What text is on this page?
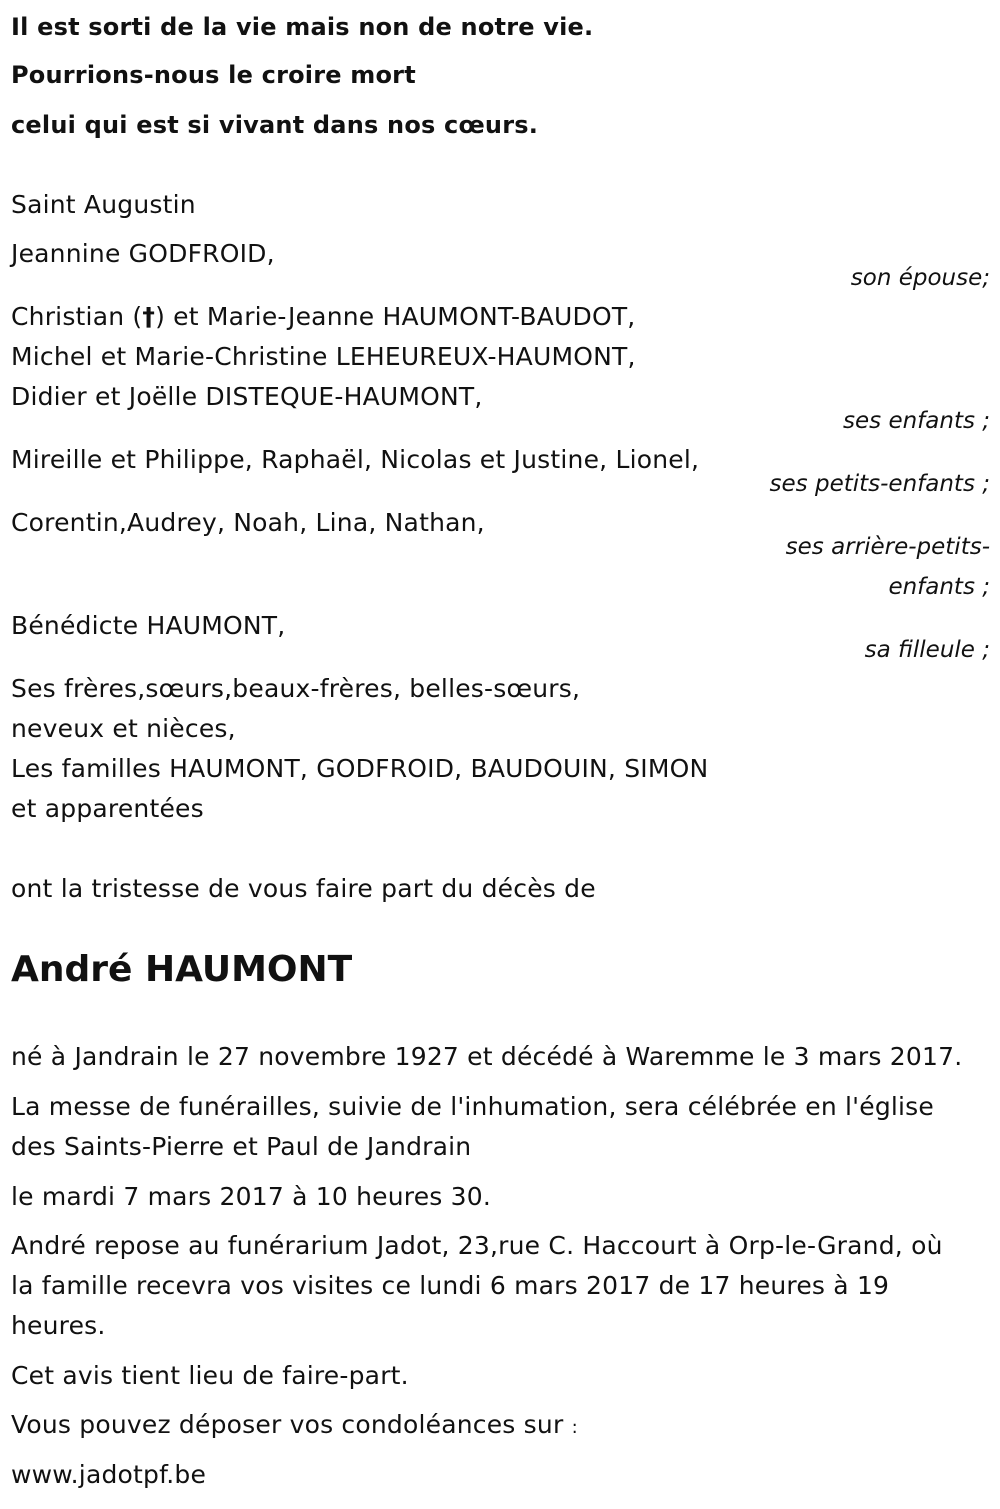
Il est sorti de la vie mais non de notre vie.
Pourrions-nous le croire mort
celui qui est si vivant dans nos cœurs.
Saint Augustin
Jeannine GODFROID,
son épouse;
Christian (†) et Marie-Jeanne HAUMONT-BAUDOT,
Michel et Marie-Christine LEHEUREUX-HAUMONT,
Didier et Joëlle DISTEQUE-HAUMONT,
ses enfants ;
Mireille et Philippe, Raphaël, Nicolas et Justine, Lionel,
ses petits-enfants ;
Corentin,Audrey, Noah, Lina, Nathan,
ses arrière-petits-
enfants ;
Bénédicte HAUMONT,
sa filleule ;
Ses frères,sœurs,beaux-frères, belles-sœurs,
neveux et nièces,
Les familles HAUMONT, GODFROID, BAUDOUIN, SIMON
et apparentées
ont la tristesse de vous faire part du décès de
André HAUMONT
né à Jandrain le 27 novembre 1927 et décédé à Waremme le 3 mars 2017.
La messe de funérailles, suivie de l'inhumation, sera célébrée en l'église
des Saints-Pierre et Paul de Jandrain
le mardi 7 mars 2017 à 10 heures 30.
André repose au funérarium Jadot, 23,rue C. Haccourt à Orp-le-Grand, où
la famille recevra vos visites ce lundi 6 mars 2017 de 17 heures à 19
heures.
Cet avis tient lieu de faire-part.
Vous pouvez déposer vos condoléances sur :
www.jadotpf.be
